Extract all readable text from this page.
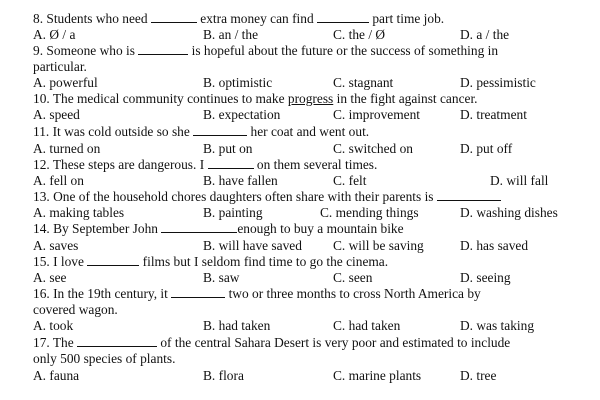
8. Students who need	extra money can find	part time job.
A. Ø / a	B. an / the	C. the / Ø	D. a / the
9. Someone who is	is hopeful about the future or the success of something in
particular.
A. powerful	B. optimistic	C. stagnant	D. pessimistic
10. The medical community continues to make progress in the fight against cancer.
A. speed	B. expectation	C. improvement	D. treatment
11. It was cold outside so she	her coat and went out.
A. turned on	B. put on	C. switched on	D. put off
12. These steps are dangerous. I	on them several times.
A. fell on	B. have fallen	C. felt	D. will fall
13. One of the household chores daughters often share with their parents is
A. making tables	B. painting	C. mending things	D. washing dishes
14. By September John	enough to buy a mountain bike
A. saves	B. will have saved C. will be saving	D. has saved
15. I love	films but I seldom find time to go the cinema.
A. see	B. saw	C. seen	D. seeing
16. In the 19th century, it	two or three months to cross North America by
covered wagon.
A. took	B. had taken	C. had taken	D. was taking
17. The	of the central Sahara Desert is very poor and estimated to include
only 500 species of plants.
A. fauna	B. flora	C. marine plants	D. tree
